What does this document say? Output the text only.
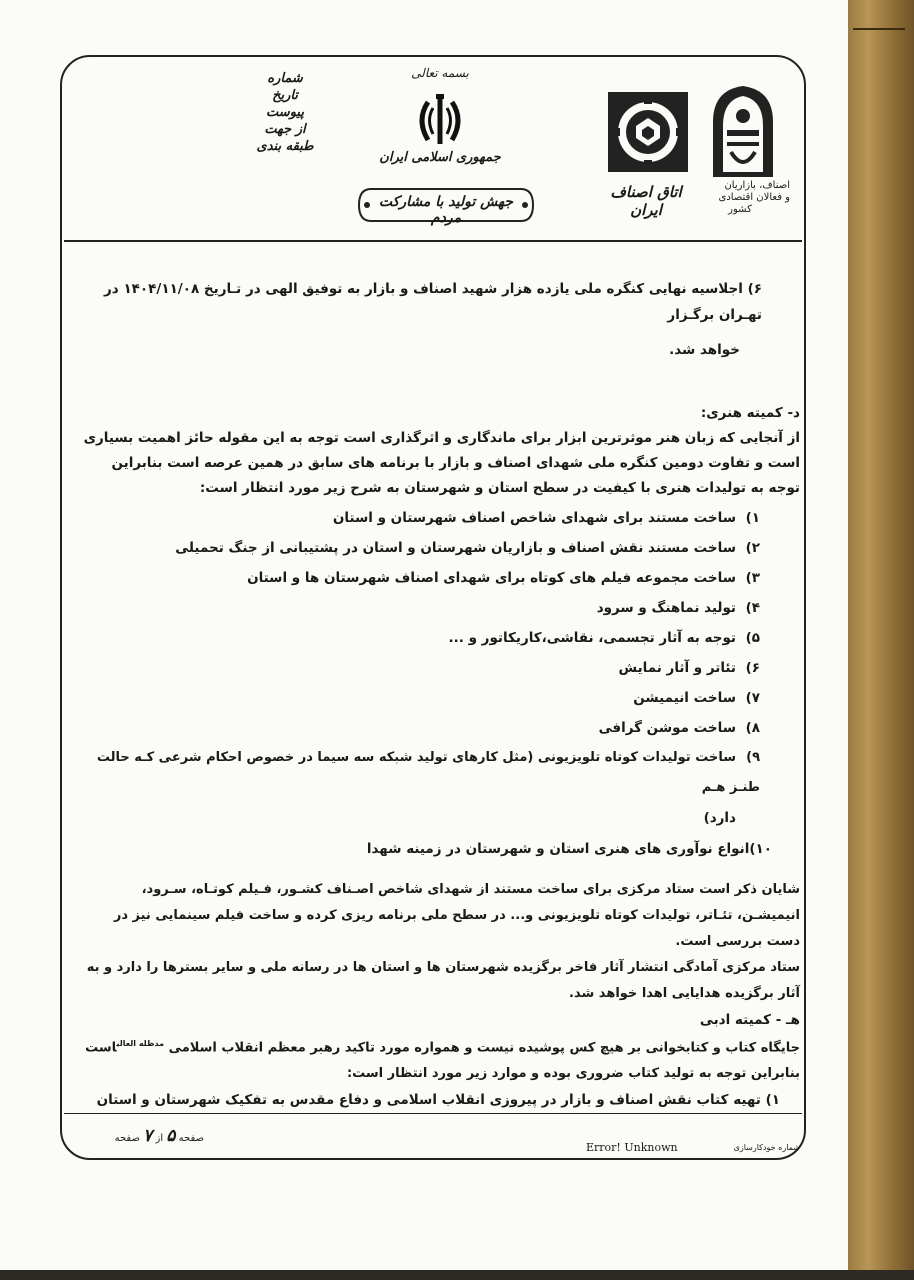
اصناف، بازاریان
و فعالان اقتصادی
کشور
اتاق اصناف ایران
بسمه تعالی
جمهوری اسلامی ایران
جهش تولید با مشارکت مردم
شماره
تاریخ
پیوست
از جهت
طبقه بندی

۶) اجلاسیه نهایی کنگره ملی یازده هزار شهید اصناف و بازار به توفیق الهی در تـاریخ ۱۴۰۴/۱۱/۰۸ در تهـران برگـزار

خواهد شد.

د- کمیته هنری:

از آنجایی که زبان هنر موثرترین ابزار برای ماندگاری و اثرگذاری است توجه به این مقوله حائز اهمیت بسیاری است و تفاوت دومین کنگره ملی شهدای اصناف و بازار با برنامه های سابق در همین عرصه است بنابراین توجه به تولیدات هنری با کیفیت در سطح استان و شهرستان به شرح زیر مورد انتظار است:

۱)ساخت مستند برای شهدای شاخص اصناف شهرستان و استان

۲)ساخت مستند نقش اصناف و بازاریان شهرستان و استان در پشتیبانی از جنگ تحمیلی

۳)ساخت مجموعه فیلم های کوتاه برای شهدای اصناف شهرستان ها و استان

۴)تولید نماهنگ و سرود

۵)توجه به آثار تجسمی، نقاشی،کاریکاتور و ...

۶)تئاتر و آثار نمایش

۷)ساخت انیمیشن

۸)ساخت موشن گرافی

۹)ساخت تولیدات کوتاه تلویزیونی (مثل کارهای تولید شبکه سه سیما در خصوص احکام شرعی کـه حالت طنـز هـم

دارد)

۱۰)انواع نوآوری های هنری استان و شهرستان در زمینه شهدا

شایان ذکر است ستاد مرکزی برای ساخت مستند از شهدای شاخص اصـناف کشـور، فـیلم کوتـاه، سـرود، انیمیشـن، تئـاتر، تولیدات کوتاه تلویزیونی و... در سطح ملی برنامه ریزی کرده و ساخت فیلم سینمایی نیز در دست بررسی است.

ستاد مرکزی آمادگی انتشار آثار فاخر برگزیده شهرستان ها و استان ها در رسانه ملی و سایر بسترها را دارد و به آثار برگزیده هدایایی اهدا خواهد شد.

هـ - کمیته ادبی

جایگاه کتاب و کتابخوانی بر هیچ کس پوشیده نیست و همواره مورد تاکید رهبر معظم انقلاب اسلامی $^{مدظله العالی}$است بنابراین توجه به تولید کتاب ضروری بوده و موارد زیر مورد انتظار است:

۱) تهیه کتاب نقش اصناف و بازار در پیروزی انقلاب اسلامی و دفاع مقدس به تفکیک شهرستان و استان

صفحه ۵ از ۷ صفحه
Error! Unknown	شماره خودکارسازی
